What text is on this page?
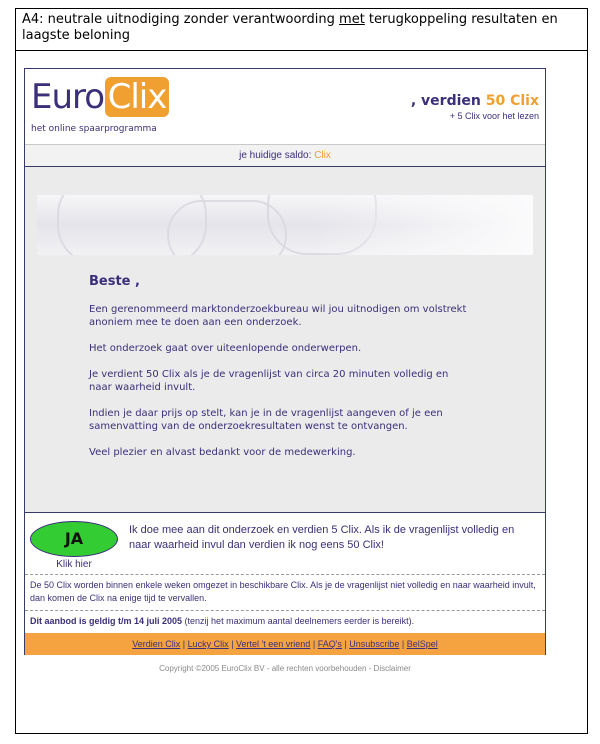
A4: neutrale uitnodiging zonder verantwoording met terugkoppeling resultaten en laagste beloning
Euro Clix
het online spaarprogramma
, verdien 50 Clix
+ 5 Clix voor het lezen
je huidige saldo: Clix
Beste ,

Een gerenommeerd marktonderzoekbureau wil jou uitnodigen om volstrekt anoniem mee te doen aan een onderzoek.

Het onderzoek gaat over uiteenlopende onderwerpen.

Je verdient 50 Clix als je de vragenlijst van circa 20 minuten volledig en naar waarheid invult.

Indien je daar prijs op stelt, kan je in de vragenlijst aangeven of je een samenvatting van de onderzoekresultaten wenst te ontvangen.

Veel plezier en alvast bedankt voor de medewerking.

JA
Klik hier
Ik doe mee aan dit onderzoek en verdien 5 Clix. Als ik de vragenlijst volledig en naar waarheid invul dan verdien ik nog eens 50 Clix!
De 50 Clix worden binnen enkele weken omgezet in beschikbare Clix. Als je de vragenlijst niet volledig en naar waarheid invult, dan komen de Clix na enige tijd te vervallen.
Dit aanbod is geldig t/m 14 juli 2005 (tenzij het maximum aantal deelnemers eerder is bereikt).
Verdien Clix | Lucky Clix | Vertel 't een vriend | FAQ's | Unsubscribe | BelSpel
Copyright ©2005 EuroClix BV - alle rechten voorbehouden - Disclaimer
